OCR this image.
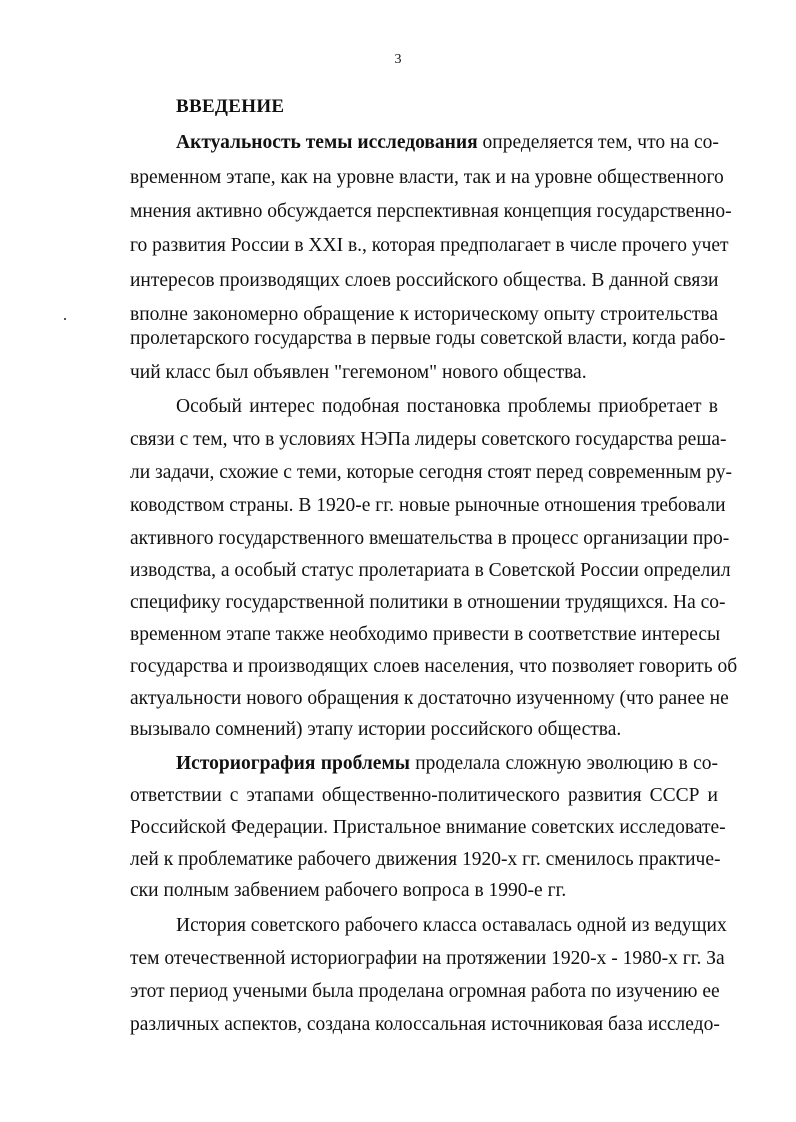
3
ВВЕДЕНИЕ
Актуальность темы исследования определяется тем, что на со-
временном этапе, как на уровне власти, так и на уровне общественного
мнения активно обсуждается перспективная концепция государственно-
го развития России в XXI в., которая предполагает в числе прочего учет
интересов производящих слоев российского общества. В данной связи
вполне закономерно обращение к историческому опыту строительства
пролетарского государства в первые годы советской власти, когда рабо-
чий класс был объявлен "гегемоном" нового общества.
Особый интерес подобная постановка проблемы приобретает в
связи с тем, что в условиях НЭПа лидеры советского государства реша-
ли задачи, схожие с теми, которые сегодня стоят перед современным ру-
ководством страны. В 1920-е гг. новые рыночные отношения требовали
активного государственного вмешательства в процесс организации про-
изводства, а особый статус пролетариата в Советской России определил
специфику государственной политики в отношении трудящихся. На со-
временном этапе также необходимо привести в соответствие интересы
государства и производящих слоев населения, что позволяет говорить об
актуальности нового обращения к достаточно изученному (что ранее не
вызывало сомнений) этапу истории российского общества.
Историография проблемы проделала сложную эволюцию в со-
ответствии с этапами общественно-политического развития СССР и
Российской Федерации. Пристальное внимание советских исследовате-
лей к проблематике рабочего движения 1920-х гг. сменилось практиче-
ски полным забвением рабочего вопроса в 1990-е гг.
История советского рабочего класса оставалась одной из ведущих
тем отечественной историографии на протяжении 1920-х - 1980-х гг. За
этот период учеными была проделана огромная работа по изучению ее
различных аспектов, создана колоссальная источниковая база исследо-
